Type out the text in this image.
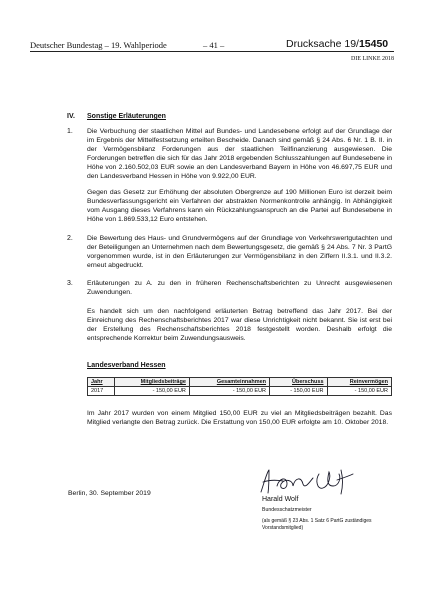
Deutscher Bundestag – 19. Wahlperiode	– 41 –	Drucksache 19/15450
DIE LINKE 2018
IV. Sonstige Erläuterungen
1. Die Verbuchung der staatlichen Mittel auf Bundes- und Landesebene erfolgt auf der Grundlage der im Ergebnis der Mittelfestsetzung erteilten Bescheide. Danach sind gemäß § 24 Abs. 6 Nr. 1 B. II. in der Vermögensbilanz Forderungen aus der staatlichen Teilfinanzierung ausgewiesen. Die Forderungen betreffen die sich für das Jahr 2018 ergebenden Schlusszahlungen auf Bundesebene in Höhe von 2.160.502,03 EUR sowie an den Landesverband Bayern in Höhe von 46.697,75 EUR und den Landesverband Hessen in Höhe von 9.922,00 EUR.
Gegen das Gesetz zur Erhöhung der absoluten Obergrenze auf 190 Millionen Euro ist derzeit beim Bundesverfassungsgericht ein Verfahren der abstrakten Normenkontrolle anhängig. In Abhängigkeit vom Ausgang dieses Verfahrens kann ein Rückzahlungsanspruch an die Partei auf Bundesebene in Höhe von 1.869.533,12 Euro entstehen.
2. Die Bewertung des Haus- und Grundvermögens auf der Grundlage von Verkehrswertgutachten und der Beteiligungen an Unternehmen nach dem Bewertungsgesetz, die gemäß § 24 Abs. 7 Nr. 3 PartG vorgenommen wurde, ist in den Erläuterungen zur Vermögensbilanz in den Ziffern II.3.1. und II.3.2. erneut abgedruckt.
3. Erläuterungen zu A. zu den in früheren Rechenschaftsberichten zu Unrecht ausgewiesenen Zuwendungen.
Es handelt sich um den nachfolgend erläuterten Betrag betreffend das Jahr 2017. Bei der Einreichung des Rechenschaftsberichtes 2017 war diese Unrichtigkeit nicht bekannt. Sie ist erst bei der Erstellung des Rechenschaftsberichtes 2018 festgestellt worden. Deshalb erfolgt die entsprechende Korrektur beim Zuwendungsausweis.
Landesverband Hessen
Jahr	Mitgliedsbeiträge	Gesamteinnahmen	Überschuss	Reinvermögen
2017	- 150,00 EUR	- 150,00 EUR	- 150,00 EUR	- 150,00 EUR
Im Jahr 2017 wurden von einem Mitglied 150,00 EUR zu viel an Mitgliedsbeiträgen bezahlt. Das Mitglied verlangte den Betrag zurück. Die Erstattung von 150,00 EUR erfolgte am 10. Oktober 2018.
Berlin, 30. September 2019
Harald Wolf
Bundesschatzmeister
(als gemäß § 23 Abs. 1 Satz 6 PartG zuständiges Vorstandsmitglied)
